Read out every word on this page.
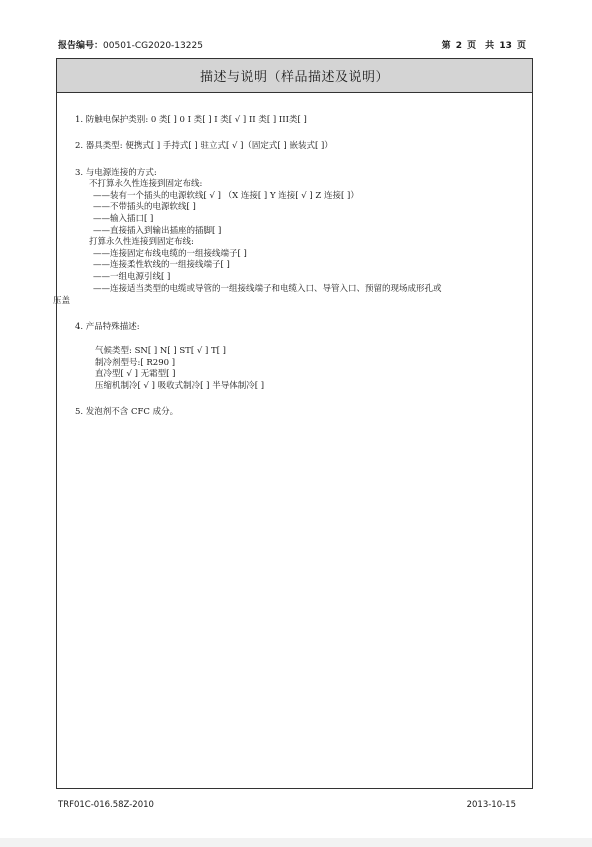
报告编号：00501-CG2020-13225	第 2 页　共 13 页
描述与说明（样品描述及说明）
1. 防触电保护类别: 0 类[ ] 0 I 类[ ] I 类[ √ ] II 类[ ] III类[ ]
2. 器具类型: 便携式[ ] 手持式[ ] 驻立式[ √ ]（固定式[ ] 嵌装式[ ]）
3. 与电源连接的方式:
不打算永久性连接到固定布线:
——装有一个插头的电源软线[ √ ] （X 连接[ ] Y 连接[ √ ] Z 连接[ ]）
——不带插头的电源软线[ ]
——输入插口[ ]
——直接插入到输出插座的插脚[ ]
打算永久性连接到固定布线:
——连接固定布线电缆的一组接线端子[ ]
——连接柔性软线的一组接线端子[ ]
——一组电源引线[ ]
——连接适当类型的电缆或导管的一组接线端子和电缆入口、导管入口、预留的现场成形孔或
压盖
4. 产品特殊描述:
气候类型: SN[ ] N[ ] ST[ √ ] T[ ]
制冷剂型号:[ R290 ]
直冷型[ √ ] 无霜型[ ]
压缩机制冷[ √ ] 吸收式制冷[ ] 半导体制冷[ ]
5. 发泡剂不含 CFC 成分。
TRF01C-016.58Z-2010	2013-10-15
